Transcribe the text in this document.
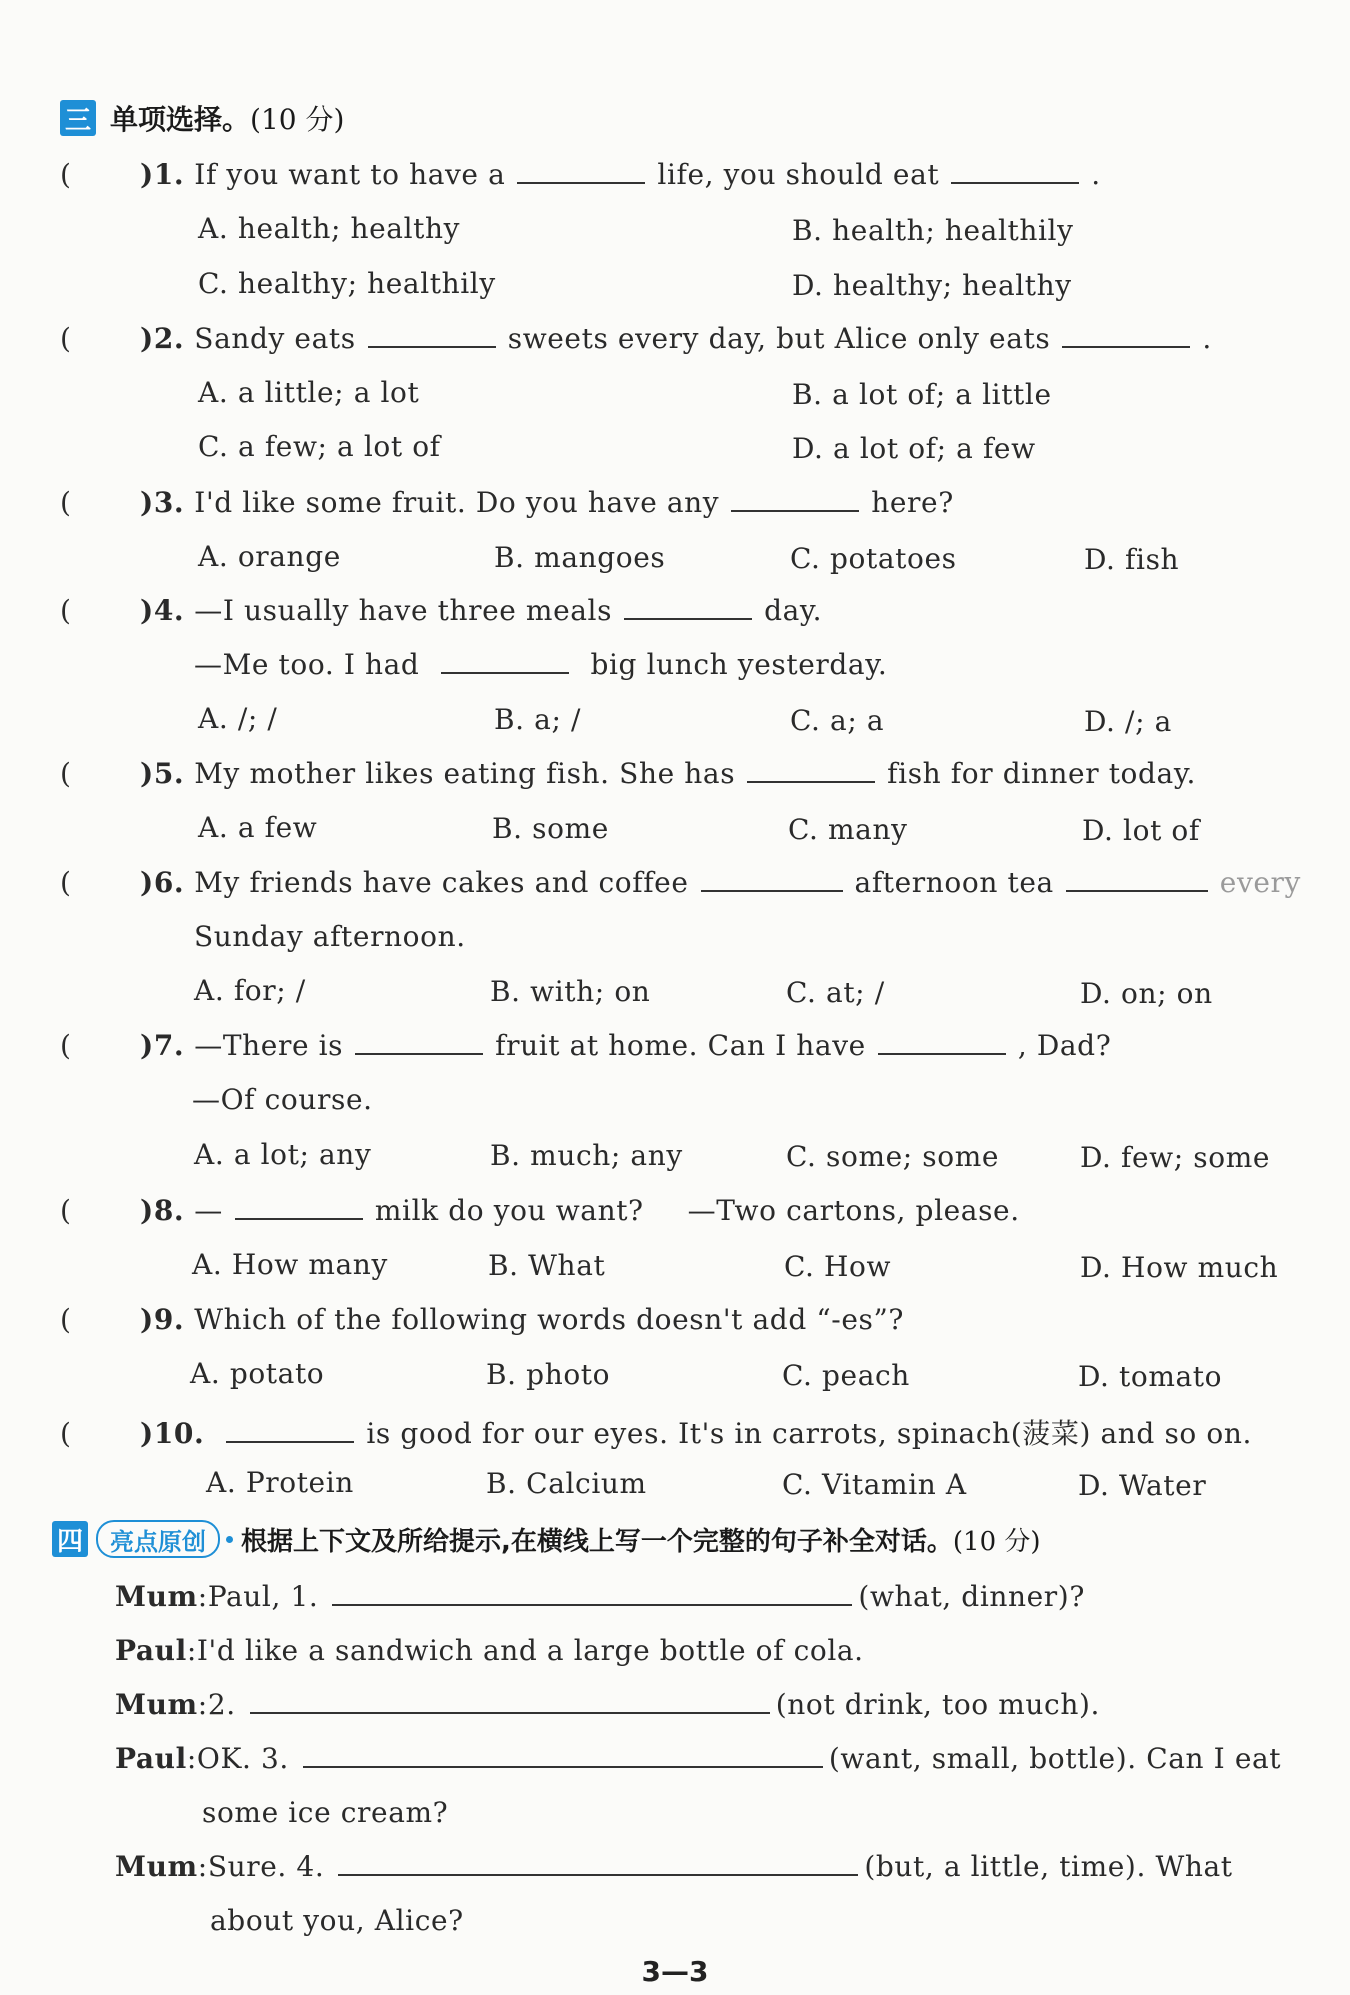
三 单项选择。 (10 分)
(	)1. If you want to have a	life, you should eat	.
A. health; healthy	B. health; healthily
C. healthy; healthily	D. healthy; healthy
(	)2. Sandy eats	sweets every day, but Alice only eats	.
A. a little; a lot	B. a lot of; a little
C. a few; a lot of	D. a lot of; a few
(	)3. I'd like some fruit. Do you have any	here?
A. orange	B. mangoes	C. potatoes	D. fish
(	)4. —I usually have three meals	day.
—Me too. I had	big lunch yesterday.
A. /; /	B. a; /	C. a; a	D. /; a
(	)5. My mother likes eating fish. She has	fish for dinner today.
A. a few	B. some	C. many	D. lot of
(	)6. My friends have cakes and coffee	afternoon tea	every
Sunday afternoon.
A. for; /	B. with; on	C. at; /	D. on; on
(	)7. —There is	fruit at home. Can I have	, Dad?
—Of course.
A. a lot; any	B. much; any	C. some; some	D. few; some
(	)8. —	milk do you want? —Two cartons, please.
A. How many	B. What	C. How	D. How much
(	)9. Which of the following words doesn't add “-es”?
A. potato	B. photo	C. peach	D. tomato
(	)10.	is good for our eyes. It's in carrots, spinach(菠菜) and so on.
A. Protein	B. Calcium	C. Vitamin A	D. Water
四	亮点原创	根据上下文及所给提示,在横线上写一个完整的句子补全对话。 (10 分)
Mum : Paul, 1.	(what, dinner)?
Paul : I'd like a sandwich and a large bottle of cola.
Mum : 2.	(not drink, too much).
Paul : OK. 3.	(want, small, bottle). Can I eat
some ice cream?
Mum : Sure. 4.	(but, a little, time). What
about you, Alice?
3—3
